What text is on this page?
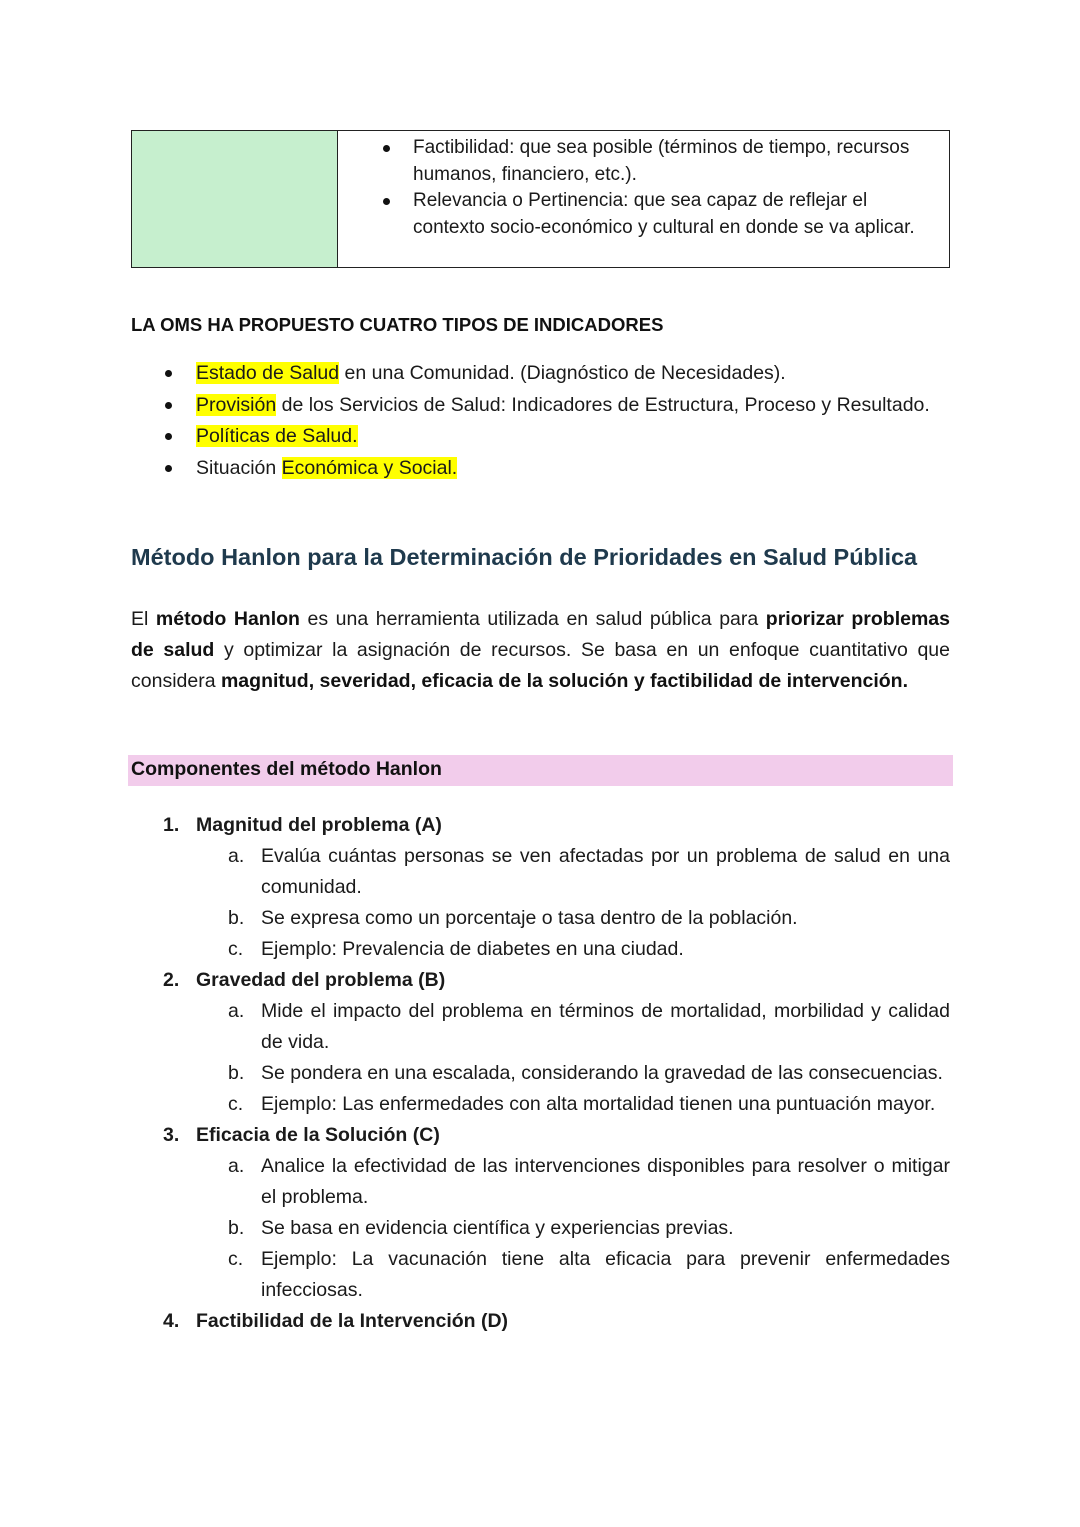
Factibilidad: que sea posible (términos de tiempo, recursos humanos, financiero, etc.).
Relevancia o Pertinencia: que sea capaz de reflejar el contexto socio-económico y cultural en donde se va aplicar.
LA OMS HA PROPUESTO CUATRO TIPOS DE INDICADORES
Estado de Salud en una Comunidad. (Diagnóstico de Necesidades).
Provisión de los Servicios de Salud: Indicadores de Estructura, Proceso y Resultado.
Políticas de Salud.
Situación Económica y Social.
Método Hanlon para la Determinación de Prioridades en Salud Pública

El método Hanlon es una herramienta utilizada en salud pública para priorizar problemas de salud y optimizar la asignación de recursos. Se basa en un enfoque cuantitativo que considera magnitud, severidad, eficacia de la solución y factibilidad de intervención.

Componentes del método Hanlon
1. Magnitud del problema (A)
a. Evalúa cuántas personas se ven afectadas por un problema de salud en una comunidad.
b. Se expresa como un porcentaje o tasa dentro de la población.
c. Ejemplo: Prevalencia de diabetes en una ciudad.
2. Gravedad del problema (B)
a. Mide el impacto del problema en términos de mortalidad, morbilidad y calidad de vida.
b. Se pondera en una escalada, considerando la gravedad de las consecuencias.
c. Ejemplo: Las enfermedades con alta mortalidad tienen una puntuación mayor.
3. Eficacia de la Solución (C)
a. Analice la efectividad de las intervenciones disponibles para resolver o mitigar el problema.
b. Se basa en evidencia científica y experiencias previas.
c. Ejemplo: La vacunación tiene alta eficacia para prevenir enfermedades infecciosas.
4. Factibilidad de la Intervención (D)
